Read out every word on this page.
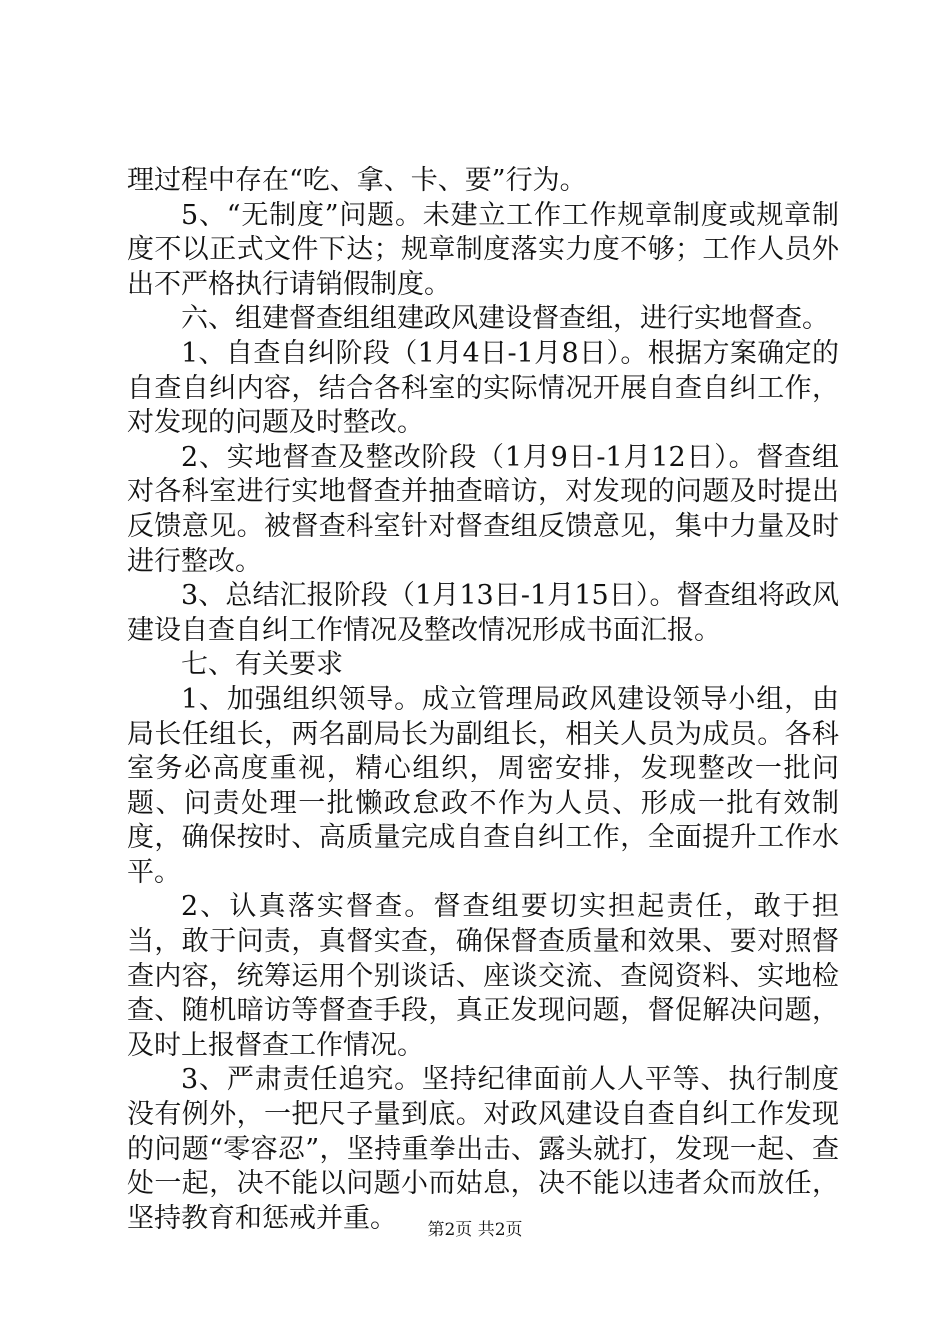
理过程中存在“吃、拿、卡、要”行为。

5、“无制度”问题。未建立工作工作规章制度或规章制度不以正式文件下达；规章制度落实力度不够；工作人员外出不严格执行请销假制度。

六、组建督查组组建政风建设督查组，进行实地督查。

1、自查自纠阶段（1月4日-1月8日）。根据方案确定的自查自纠内容，结合各科室的实际情况开展自查自纠工作，对发现的问题及时整改。

2、实地督查及整改阶段（1月9日-1月12日）。督查组对各科室进行实地督查并抽查暗访，对发现的问题及时提出反馈意见。被督查科室针对督查组反馈意见，集中力量及时进行整改。

3、总结汇报阶段（1月13日-1月15日）。督查组将政风建设自查自纠工作情况及整改情况形成书面汇报。

七、有关要求

1、加强组织领导。成立管理局政风建设领导小组，由局长任组长，两名副局长为副组长，相关人员为成员。各科室务必高度重视，精心组织，周密安排，发现整改一批问题、问责处理一批懒政怠政不作为人员、形成一批有效制度，确保按时、高质量完成自查自纠工作，全面提升工作水平。

2、认真落实督查。督查组要切实担起责任，敢于担当，敢于问责，真督实查，确保督查质量和效果、要对照督查内容，统筹运用个别谈话、座谈交流、查阅资料、实地检查、随机暗访等督查手段，真正发现问题，督促解决问题，及时上报督查工作情况。

3、严肃责任追究。坚持纪律面前人人平等、执行制度没有例外，一把尺子量到底。对政风建设自查自纠工作发现的问题“零容忍”，坚持重拳出击、露头就打，发现一起、查处一起，决不能以问题小而姑息，决不能以违者众而放任，坚持教育和惩戒并重。	第2页 共2页
